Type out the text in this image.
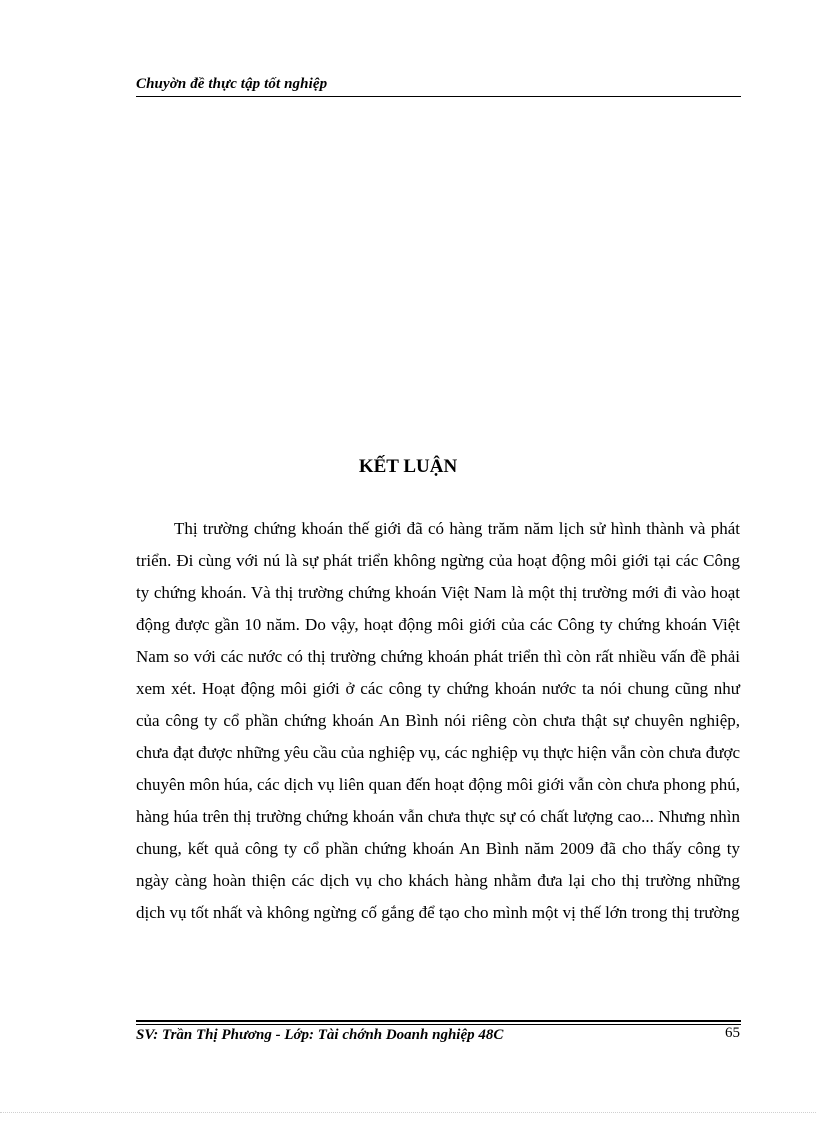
Chuyờn đề thực tập tốt nghiệp
KẾT LUẬN

Thị trường chứng khoán thế giới đã có hàng trăm năm lịch sử hình thành và phát triển. Đi cùng với nú là sự phát triển không ngừng của hoạt động môi giới tại các Công ty chứng khoán. Và thị trường chứng khoán Việt Nam là một thị trường mới đi vào hoạt động được gần 10 năm. Do vậy, hoạt động môi giới của các Công ty chứng khoán Việt Nam so với các nước có thị trường chứng khoán phát triển thì còn rất nhiều vấn đề phải xem xét. Hoạt động môi giới ở các công ty chứng khoán nước ta nói chung cũng như của công ty cổ phần chứng khoán An Bình nói riêng còn chưa thật sự chuyên nghiệp, chưa đạt được những yêu cầu của nghiệp vụ, các nghiệp vụ thực hiện vẫn còn chưa được chuyên môn húa, các dịch vụ liên quan đến hoạt động môi giới vẫn còn chưa phong phú, hàng húa trên thị trường chứng khoán vẫn chưa thực sự có chất lượng cao... Nhưng nhìn chung, kết quả công ty cổ phần chứng khoán An Bình năm 2009 đã cho thấy công ty ngày càng hoàn thiện các dịch vụ cho khách hàng nhằm đưa lại cho thị trường những dịch vụ tốt nhất và không ngừng cố gắng để tạo cho mình một vị thế lớn trong thị trường

SV: Trần Thị Phương - Lớp: Tài chớnh Doanh nghiệp 48C	65
